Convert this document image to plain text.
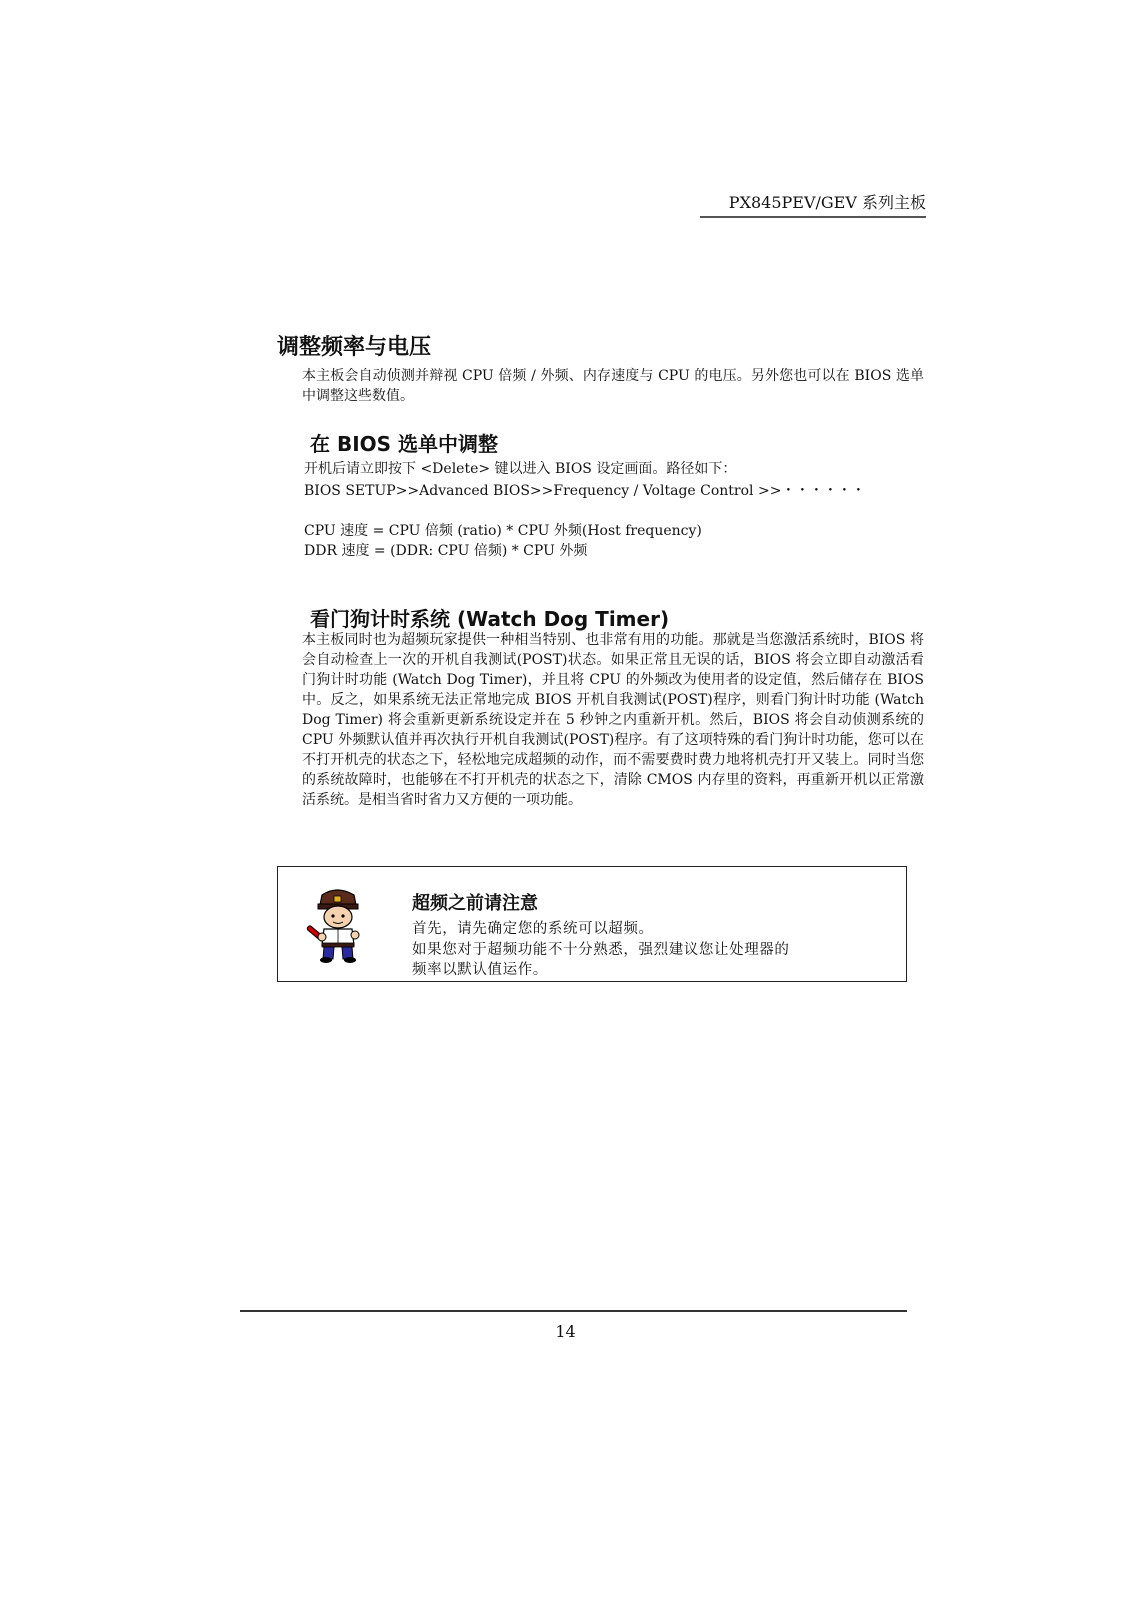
PX845PEV/GEV 系列主板
调整频率与电压
本主板会自动侦测并辩视 CPU 倍频 / 外频、内存速度与 CPU 的电压。另外您也可以在 BIOS 选单中调整这些数值。
在 BIOS 选单中调整
开机后请立即按下 <Delete> 键以进入 BIOS 设定画面。路径如下：
BIOS SETUP>>Advanced BIOS>>Frequency / Voltage Control >>・・・・・・
CPU 速度 = CPU 倍频 (ratio) * CPU 外频(Host frequency)
DDR 速度 = (DDR: CPU 倍频) * CPU 外频
看门狗计时系统 (Watch Dog Timer)
本主板同时也为超频玩家提供一种相当特别、也非常有用的功能。那就是当您激活系统时，BIOS 将会自动检查上一次的开机自我测试(POST)状态。如果正常且无误的话，BIOS 将会立即自动激活看门狗计时功能 (Watch Dog Timer)，并且将 CPU 的外频改为使用者的设定值，然后储存在 BIOS 中。反之，如果系统无法正常地完成 BIOS 开机自我测试(POST)程序，则看门狗计时功能 (Watch Dog Timer) 将会重新更新系统设定并在 5 秒钟之内重新开机。然后，BIOS 将会自动侦测系统的 CPU 外频默认值并再次执行开机自我测试(POST)程序。有了这项特殊的看门狗计时功能，您可以在不打开机壳的状态之下，轻松地完成超频的动作，而不需要费时费力地将机壳打开又装上。同时当您的系统故障时，也能够在不打开机壳的状态之下，清除 CMOS 内存里的资料，再重新开机以正常激活系统。是相当省时省力又方便的一项功能。
超频之前请注意
首先，请先确定您的系统可以超频。
如果您对于超频功能不十分熟悉，强烈建议您让处理器的
频率以默认值运作。
14
